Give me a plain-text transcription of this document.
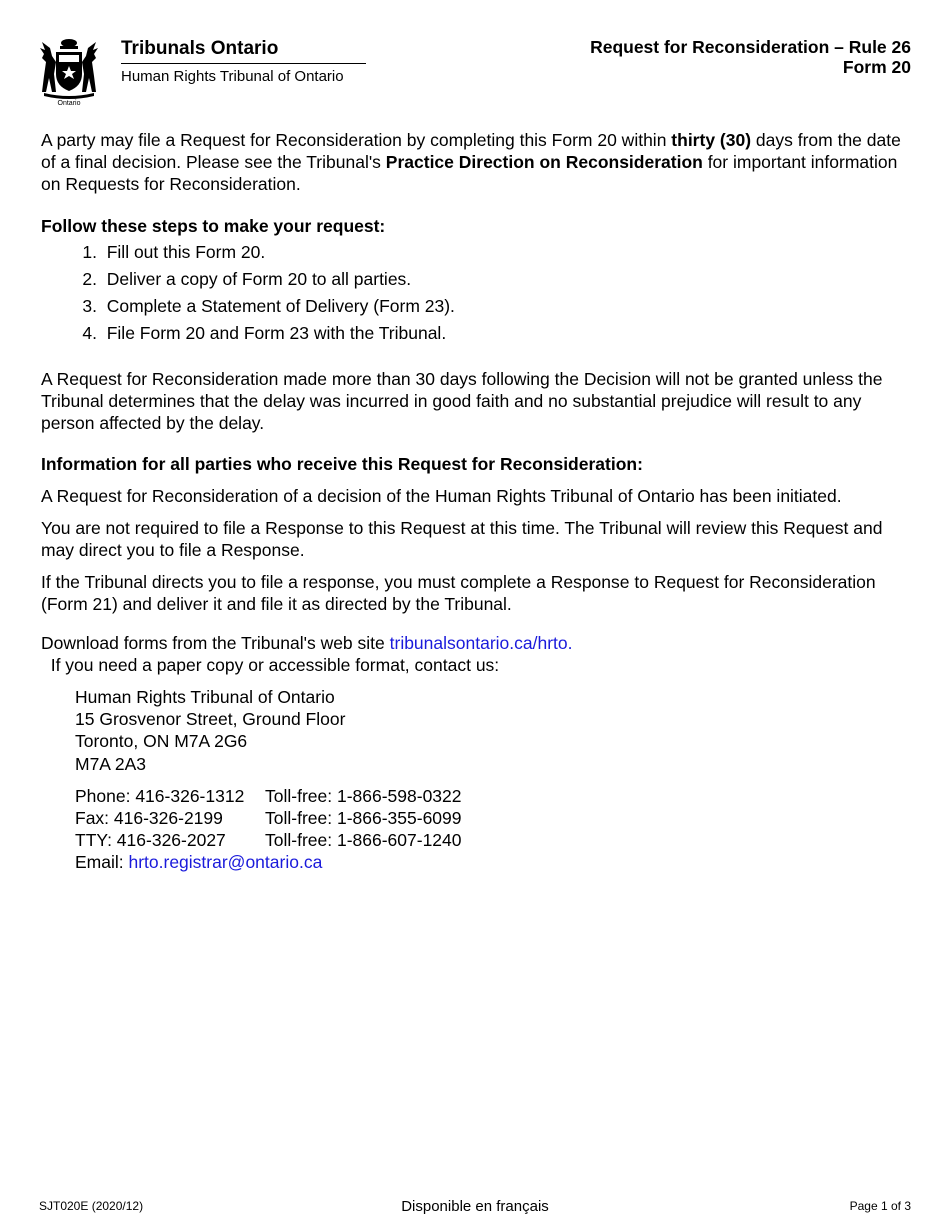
Ontario
Tribunals Ontario
Human Rights Tribunal of Ontario
Request for Reconsideration – Rule 26
Form 20

A party may file a Request for Reconsideration by completing this Form 20 within thirty (30) days from the date of a final decision. Please see the Tribunal's Practice Direction on Reconsideration for important information on Requests for Reconsideration.

Follow these steps to make your request:

1. Fill out this Form 20.
2. Deliver a copy of Form 20 to all parties.
3. Complete a Statement of Delivery (Form 23).
4. File Form 20 and Form 23 with the Tribunal.

A Request for Reconsideration made more than 30 days following the Decision will not be granted unless the Tribunal determines that the delay was incurred in good faith and no substantial prejudice will result to any person affected by the delay.

Information for all parties who receive this Request for Reconsideration:

A Request for Reconsideration of a decision of the Human Rights Tribunal of Ontario has been initiated.

You are not required to file a Response to this Request at this time. The Tribunal will review this Request and may direct you to file a Response.

If the Tribunal directs you to file a response, you must complete a Response to Request for Reconsideration (Form 21) and deliver it and file it as directed by the Tribunal.

Download forms from the Tribunal's web site tribunalsontario.ca/hrto.  If you need a paper copy or accessible format, contact us:

Human Rights Tribunal of Ontario
15 Grosvenor Street, Ground Floor
Toronto, ON M7A 2G6
M7A 2A3
Phone: 416-326-1312	Toll-free: 1-866-598-0322
Fax: 416-326-2199	Toll-free: 1-866-355-6099
TTY: 416-326-2027	Toll-free: 1-866-607-1240
Email: hrto.registrar@ontario.ca
SJT020E (2020/12)	Disponible en français	Page 1 of 3
